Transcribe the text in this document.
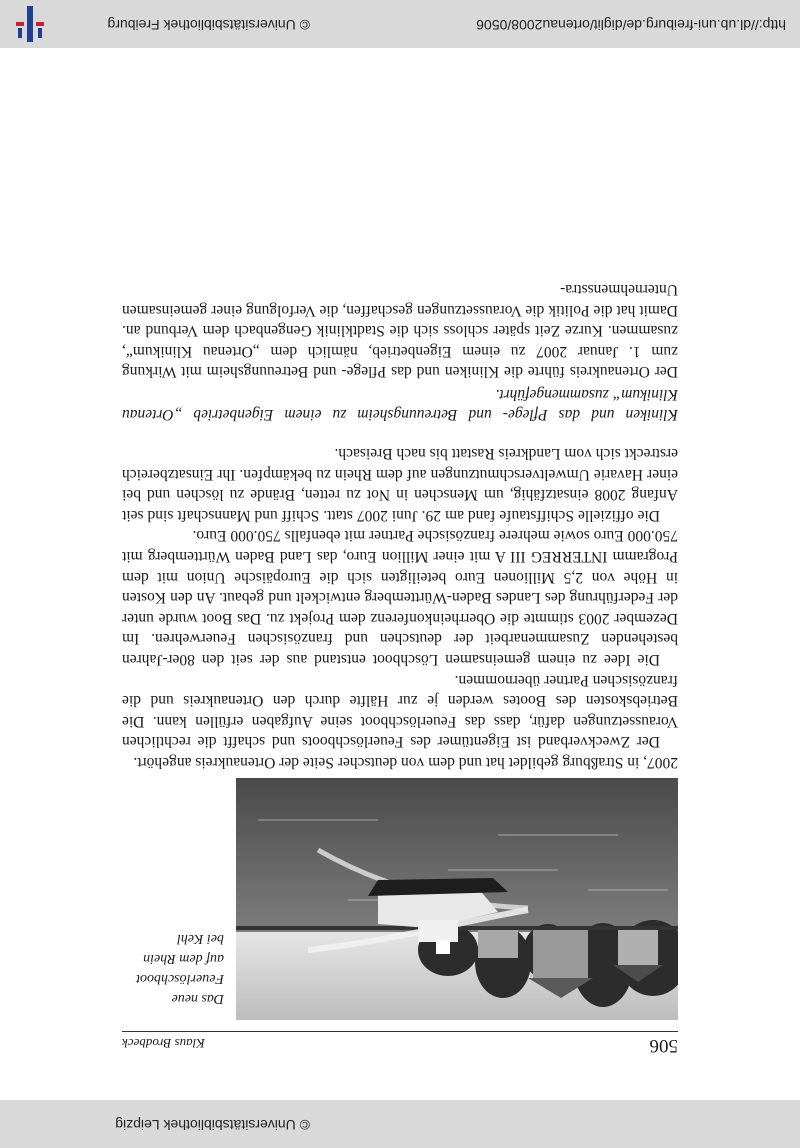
© Universitätsbibliothek Leipzig
506
Klaus Brodbeck
Das neue
Feuerlöschboot
auf dem Rhein
bei Kehl

2007, in Straßburg gebildet hat und dem von deutscher Seite der Ortenaukreis angehört.

Der Zweckverband ist Eigentümer des Feuerlöschboots und schafft die rechtlichen Voraussetzungen dafür, dass das Feuerlöschboot seine Aufgaben erfüllen kann. Die Betriebskosten des Bootes werden je zur Hälfte durch den Ortenaukreis und die französischen Partner übernommen.

Die Idee zu einem gemeinsamen Löschboot entstand aus der seit den 80er-Jahren bestehenden Zusammenarbeit der deutschen und französischen Feuerwehren. Im Dezember 2003 stimmte die Oberrheinkonferenz dem Projekt zu. Das Boot wurde unter der Federführung des Landes Baden-Württemberg entwickelt und gebaut. An den Kosten in Höhe von 2,5 Millionen Euro beteiligten sich die Europäische Union mit dem Programm INTERREG III A mit einer Million Euro, das Land Baden Württemberg mit 750.000 Euro sowie mehrere französische Partner mit ebenfalls 750.000 Euro.

Die offizielle Schiffstaufe fand am 29. Juni 2007 statt. Schiff und Mannschaft sind seit Anfang 2008 einsatzfähig, um Menschen in Not zu retten, Brände zu löschen und bei einer Havarie Umweltverschmutzungen auf dem Rhein zu bekämpfen. Ihr Einsatzbereich erstreckt sich vom Landkreis Rastatt bis nach Breisach.

Kliniken und das Pflege- und Betreuungsheim zu einem Eigenbetrieb „Ortenau Klinikum“ zusammengeführt.

Der Ortenaukreis führte die Kliniken und das Pflege- und Betreuungsheim mit Wirkung zum 1. Januar 2007 zu einem Eigenbetrieb, nämlich dem „Ortenau Klinikum“, zusammen. Kurze Zeit später schloss sich die Stadtklinik Gengenbach dem Verbund an. Damit hat die Politik die Voraussetzungen geschaffen, die Verfolgung einer gemeinsamen Unternehmensstra-

http://dl.ub.uni-freiburg.de/diglit/ortenau2008/0506
© Universitätsbibliothek Freiburg
